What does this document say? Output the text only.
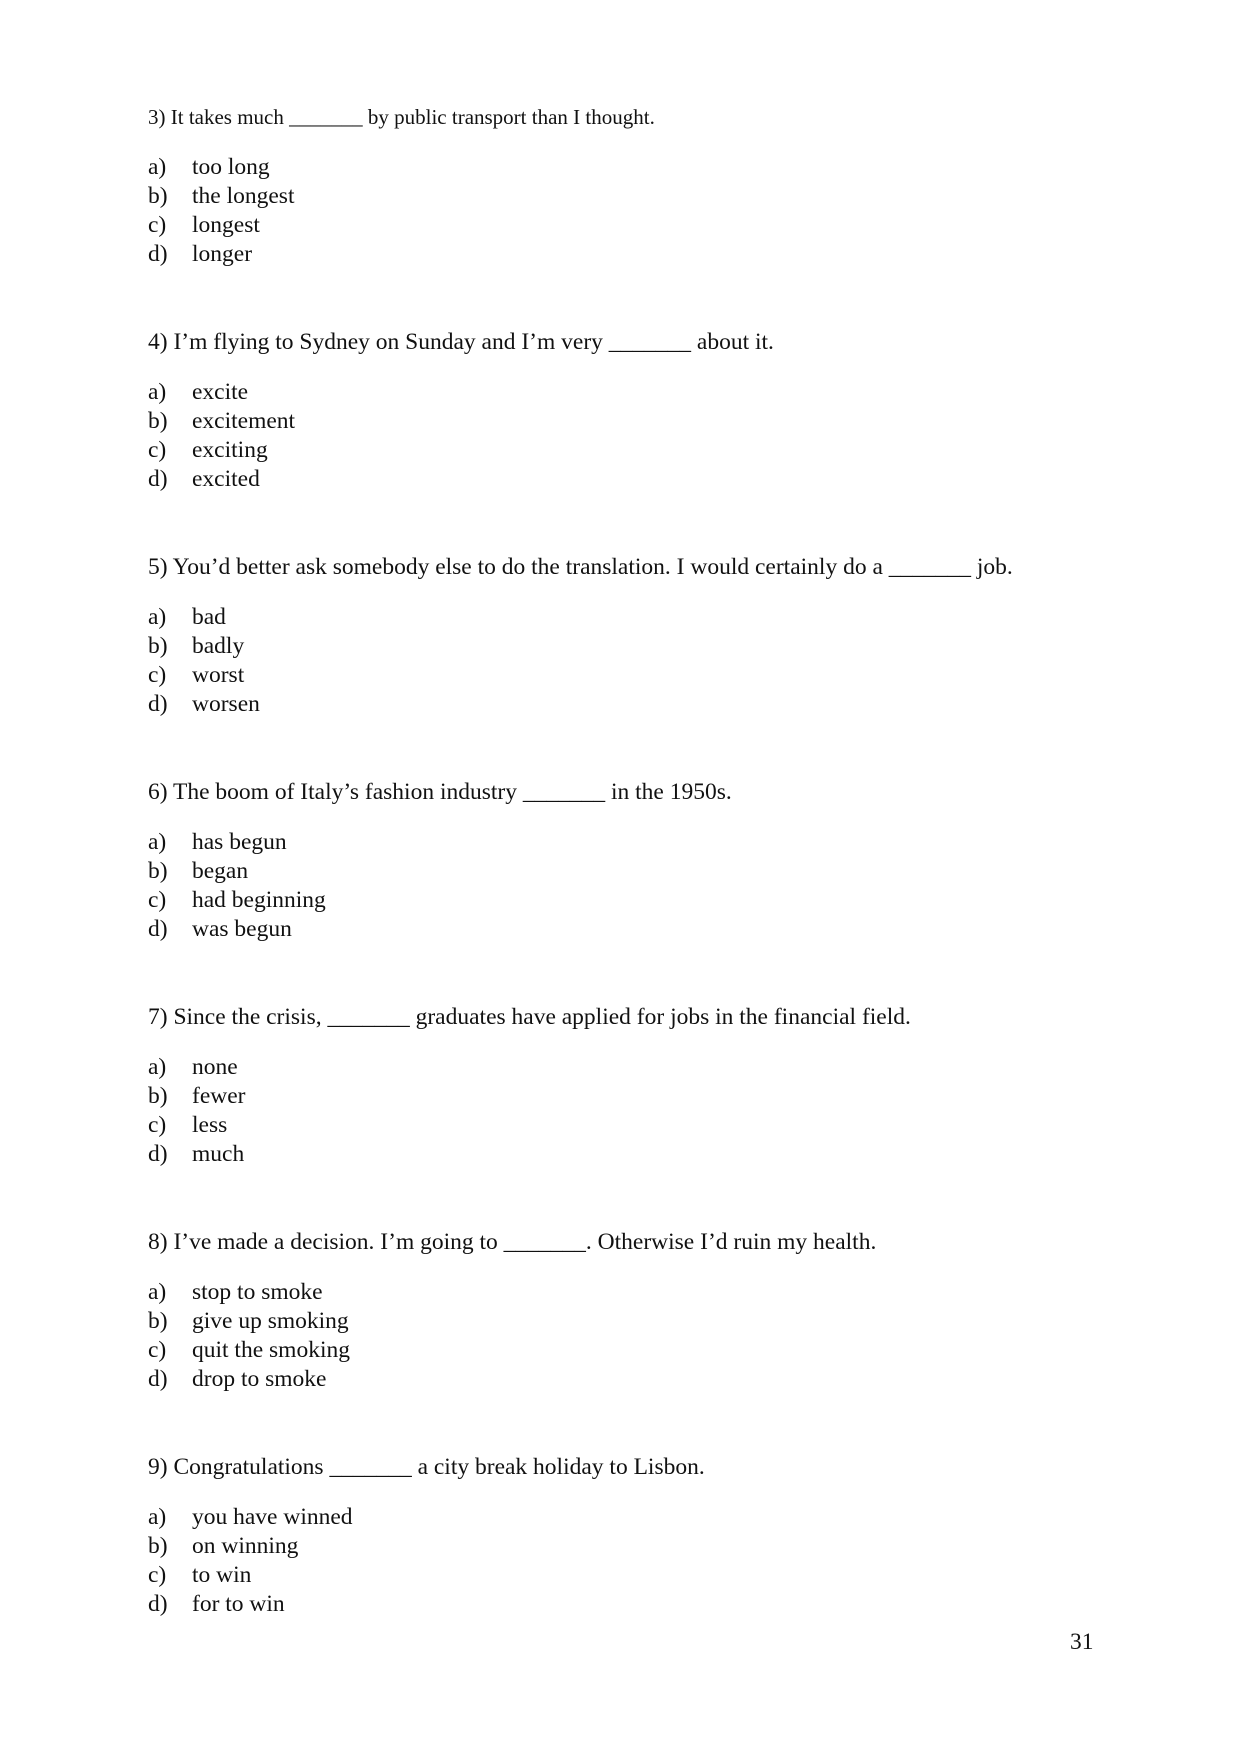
3) It takes much _______ by public transport than I thought.

a) too long
b) the longest
c) longest
d) longer

4) I’m flying to Sydney on Sunday and I’m very _______ about it.

a) excite
b) excitement
c) exciting
d) excited

5) You’d better ask somebody else to do the translation. I would certainly do a _______ job.

a) bad
b) badly
c) worst
d) worsen

6) The boom of Italy’s fashion industry _______ in the 1950s.

a) has begun
b) began
c) had beginning
d) was begun

7) Since the crisis, _______ graduates have applied for jobs in the financial field.

a) none
b) fewer
c) less
d) much

8) I’ve made a decision. I’m going to _______. Otherwise I’d ruin my health.

a) stop to smoke
b) give up smoking
c) quit the smoking
d) drop to smoke

9) Congratulations _______ a city break holiday to Lisbon.

a) you have winned
b) on winning
c) to win
d) for to win
31
